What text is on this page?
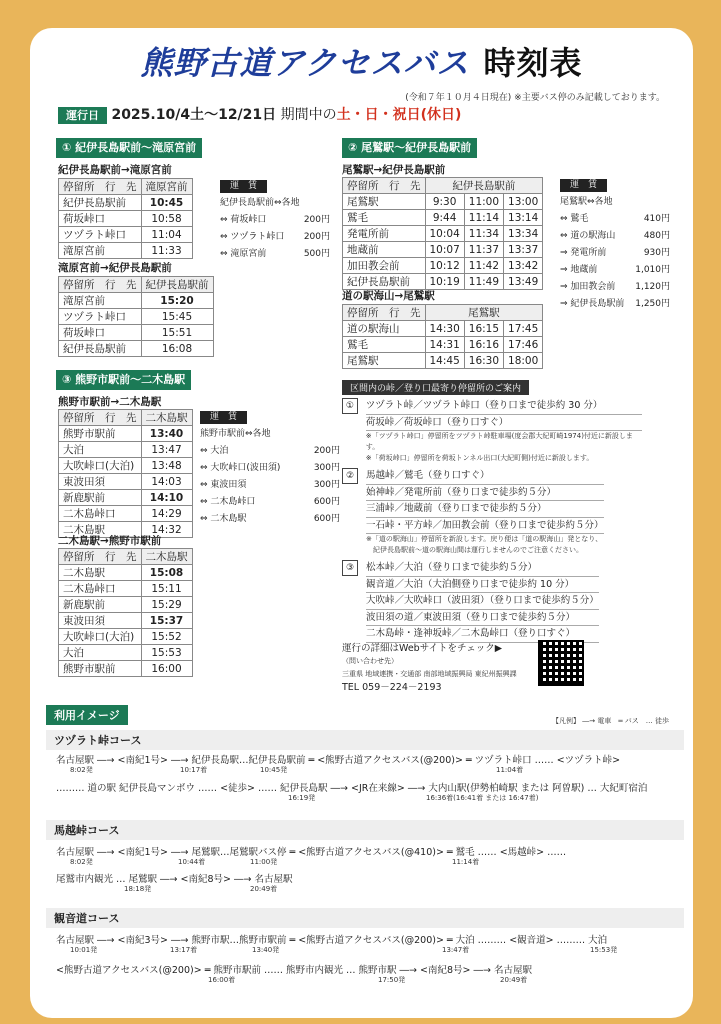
熊野古道アクセスバス 時刻表
(令和７年１０月４日現在) ※主要バス停のみ記載しております。
運行日 2025.10/4土〜12/21日 期間中の土・日・祝日(休日)
① 紀伊長島駅前〜滝原宮前
紀伊長島駅前→滝原宮前
停留所　行　先	滝原宮前
紀伊長島駅前	10:45
荷坂峠口	10:58
ツヅラト峠口	11:04
滝原宮前	11:33
滝原宮前→紀伊長島駅前
停留所　行　先	紀伊長島駅前
滝原宮前	15:20
ツヅラト峠口	15:45
荷坂峠口	15:51
紀伊長島駅前	16:08
運　賃
紀伊長島駅前⇔各地
⇔ 荷坂峠口	200円
⇔ ツヅラト峠口 200円
⇔ 滝原宮前	500円
③ 熊野市駅前〜二木島駅
熊野市駅前→二木島駅
停留所　行　先	二木島駅
熊野市駅前	13:40
大泊	13:47
大吹峠口(大泊)	13:48
東波田須	14:03
新鹿駅前	14:10
二木島峠口	14:29
二木島駅	14:32
二木島駅→熊野市駅前
停留所　行　先	二木島駅
二木島駅	15:08
二木島峠口	15:11
新鹿駅前	15:29
東波田須	15:37
大吹峠口(大泊)	15:52
大泊	15:53
熊野市駅前	16:00
運　賃
熊野市駅前⇔各地
⇔ 大泊	200円
⇔ 大吹峠口(波田須)	300円
⇔ 東波田須	300円
⇔ 二木島峠口	600円
⇔ 二木島駅	600円
② 尾鷲駅〜紀伊長島駅前
尾鷲駅→紀伊長島駅前
停留所　行　先	紀伊長島駅前		
尾鷲駅	9:30	11:00	13:00
鷲毛	9:44	11:14	13:14
発電所前	10:04	11:34	13:34
地蔵前	10:07	11:37	13:37
加田教会前	10:12	11:42	13:42
紀伊長島駅前	10:19	11:49	13:49
道の駅海山→尾鷲駅
停留所　行　先	尾鷲駅		
道の駅海山	14:30	16:15	17:45
鷲毛	14:31	16:16	17:46
尾鷲駅	14:45	16:30	18:00
運　賃
尾鷲駅⇔各地
⇔ 鷲毛	410円
⇔ 道の駅海山	480円
⇒ 発電所前	930円
⇒ 地蔵前	1,010円
⇒ 加田教会前 1,120円
⇒ 紀伊長島駅前 1,250円
区間内の峠／登り口最寄り停留所のご案内
①	ツヅラト峠／ツヅラト峠口（登り口まで徒歩約 30 分）
荷坂峠／荷坂峠口（登り口すぐ）
※「ツヅラト峠口」停留所をツヅラト峠駐車場(度会郡大紀町崎1974)付近に新設します。
※「荷坂峠口」停留所を荷坂トンネル出口(大紀町側)付近に新設します。
②	馬越峠／鷲毛（登り口すぐ）
始神峠／発電所前（登り口まで徒歩約５分）
三浦峠／地蔵前（登り口まで徒歩約５分）
一石峠・平方峠／加田教会前（登り口まで徒歩約５分）
※「道の駅海山」停留所を新設します。戻り便は「道の駅海山」発となり、
　紀伊長島駅前〜道の駅海山間は運行しませんのでご注意ください。
③	松本峠／大泊（登り口まで徒歩約５分）
観音道／大泊（大泊側登り口まで徒歩約 10 分）
大吹峠／大吹峠口（波田須）（登り口まで徒歩約５分）
波田須の道／東波田須（登り口まで徒歩約５分）
二木島峠・逢神坂峠／二木島峠口（登り口すぐ）
運行の詳細はWebサイトをチェック▶
（問い合わせ先）
三重県 地域連携・交通部 南部地域振興局 東紀州振興課
TEL 059－224－2193
利用イメージ	【凡例】 ―→ 電車　═ バス　… 徒歩
ツヅラト峠コース
名古屋駅 ―→ <南紀1号> ―→ 紀伊長島駅…紀伊長島駅前 ═ <熊野古道アクセスバス(@200)> ═ ツヅラト峠口 …… <ツヅラト峠>
……… 道の駅 紀伊長島マンボウ …… <徒歩> …… 紀伊長島駅 ―→ <JR在来線> ―→ 大内山駅(伊勢柏崎駅 または 阿曽駅) … 大紀町宿泊
8:02発	10:17着	10:45発	11:04着
16:19発	16:36着(16:41着 または 16:47着)
馬越峠コース
名古屋駅 ―→ <南紀1号> ―→ 尾鷲駅…尾鷲駅バス停 ═ <熊野古道アクセスバス(@410)> ═ 鷲毛 …… <馬越峠> ……
尾鷲市内観光 … 尾鷲駅 ―→ <南紀8号> ―→ 名古屋駅
8:02発	10:44着	11:00発	11:14着
18:18発	20:49着
観音道コース
名古屋駅 ―→ <南紀3号> ―→ 熊野市駅…熊野市駅前 ═ <熊野古道アクセスバス(@200)> ═ 大泊 ……… <観音道> ……… 大泊
<熊野古道アクセスバス(@200)> ═ 熊野市駅前 …… 熊野市内観光 … 熊野市駅 ―→ <南紀8号> ―→ 名古屋駅
10:01発	13:17着	13:40発	13:47着	15:53発
16:00着	17:50発	20:49着
